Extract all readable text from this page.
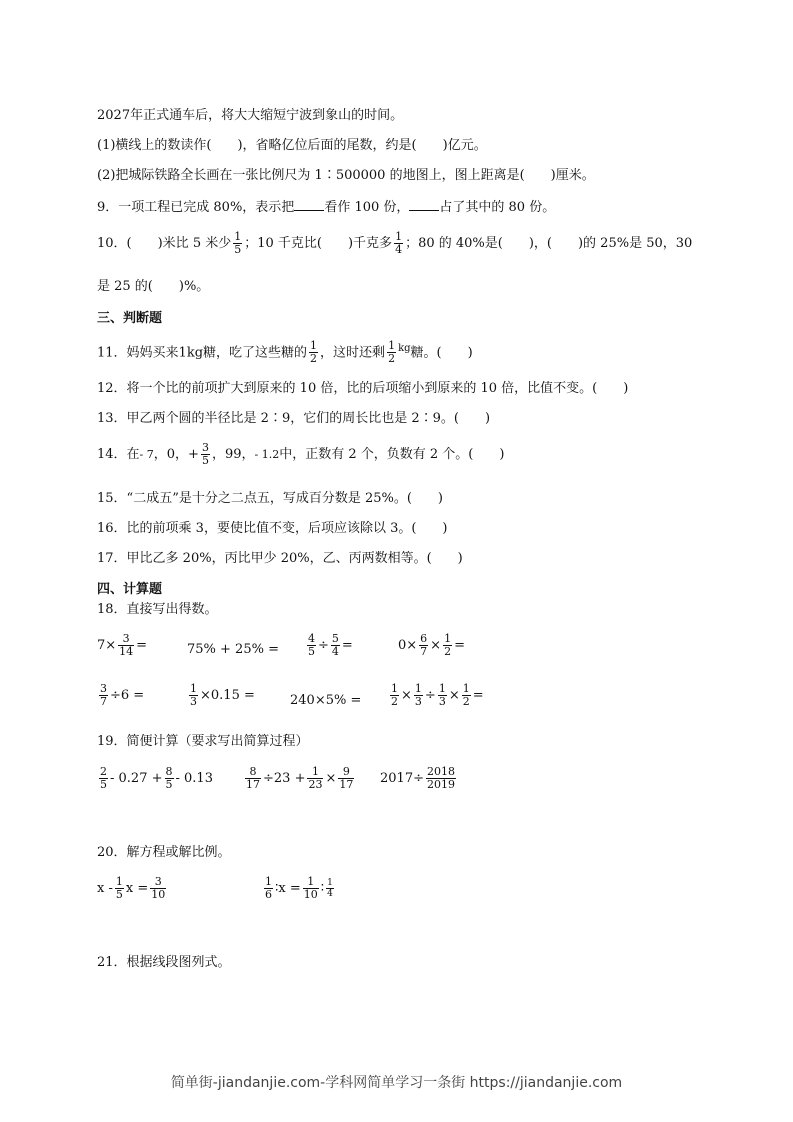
2027年正式通车后，将大大缩短宁波到象山的时间。
(1)横线上的数读作(　　)，省略亿位后面的尾数，约是(　　)亿元。
(2)把城际铁路全长画在一张比例尺为 1∶500000 的地图上，图上距离是(　　)厘米。
9．一项工程已完成 80%，表示把 看作 100 份， 占了其中的 80 份。
10．(　　)米比 5 米少 $\frac{1}{5}$ ；10 千克比(　　)千克多 $\frac{1}{4}$ ；80 的 40%是(　　)，(　　)的 25%是 50，30
是 25 的(　　)%。
三、判断题
11．妈妈买来1kg糖，吃了这些糖的 $\frac{1}{2}$ ，这时还剩 $\frac{1}{2} ^{kg}$糖。(　　)
12．将一个比的前项扩大到原来的 10 倍，比的后项缩小到原来的 10 倍，比值不变。(　　)
13．甲乙两个圆的半径比是 2∶9，它们的周长比也是 2∶9。(　　)
14．在- 7，0，+ $\frac{3}{5}$ ，99，- 1.2中，正数有 2 个，负数有 2 个。(　　)
15．“二成五”是十分之二点五，写成百分数是 25%。(　　)
16．比的前项乘 3，要使比值不变，后项应该除以 3。(　　)
17．甲比乙多 20%，丙比甲少 20%，乙、丙两数相等。(　　)
四、计算题
18．直接写出得数。
$7\times \frac{3}{14}$ =	75% + 25% =	$\frac{4}{5} \div \frac{5}{4}$ =	$0\times \frac{6}{7} \times \frac{1}{2}$ =
$\frac{3}{7} \div 6$ =	$\frac{1}{3} \times 0.15$ =	240×5% =	$\frac{1}{2} \times \frac{1}{3} \div \frac{1}{3} \times \frac{1}{2}$ =
19．简便计算（要求写出简算过程）
$\frac{2}{5} - 0.27 + \frac{8}{5} - 0.13$	$\frac{8}{17} \div 23 + \frac{1}{23} \times \frac{9}{17} 2017\div \frac{2018}{2019}$
20．解方程或解比例。
x - $\frac{1}{5}$ $x = \frac{3}{10}$	$\frac{1}{6}$ ∶x = $\frac{1}{10}$ ∶ $\frac{1}{4}$
21．根据线段图列式。
简单街-jiandanjie.com-学科网简单学习一条街 https://jiandanjie.com
